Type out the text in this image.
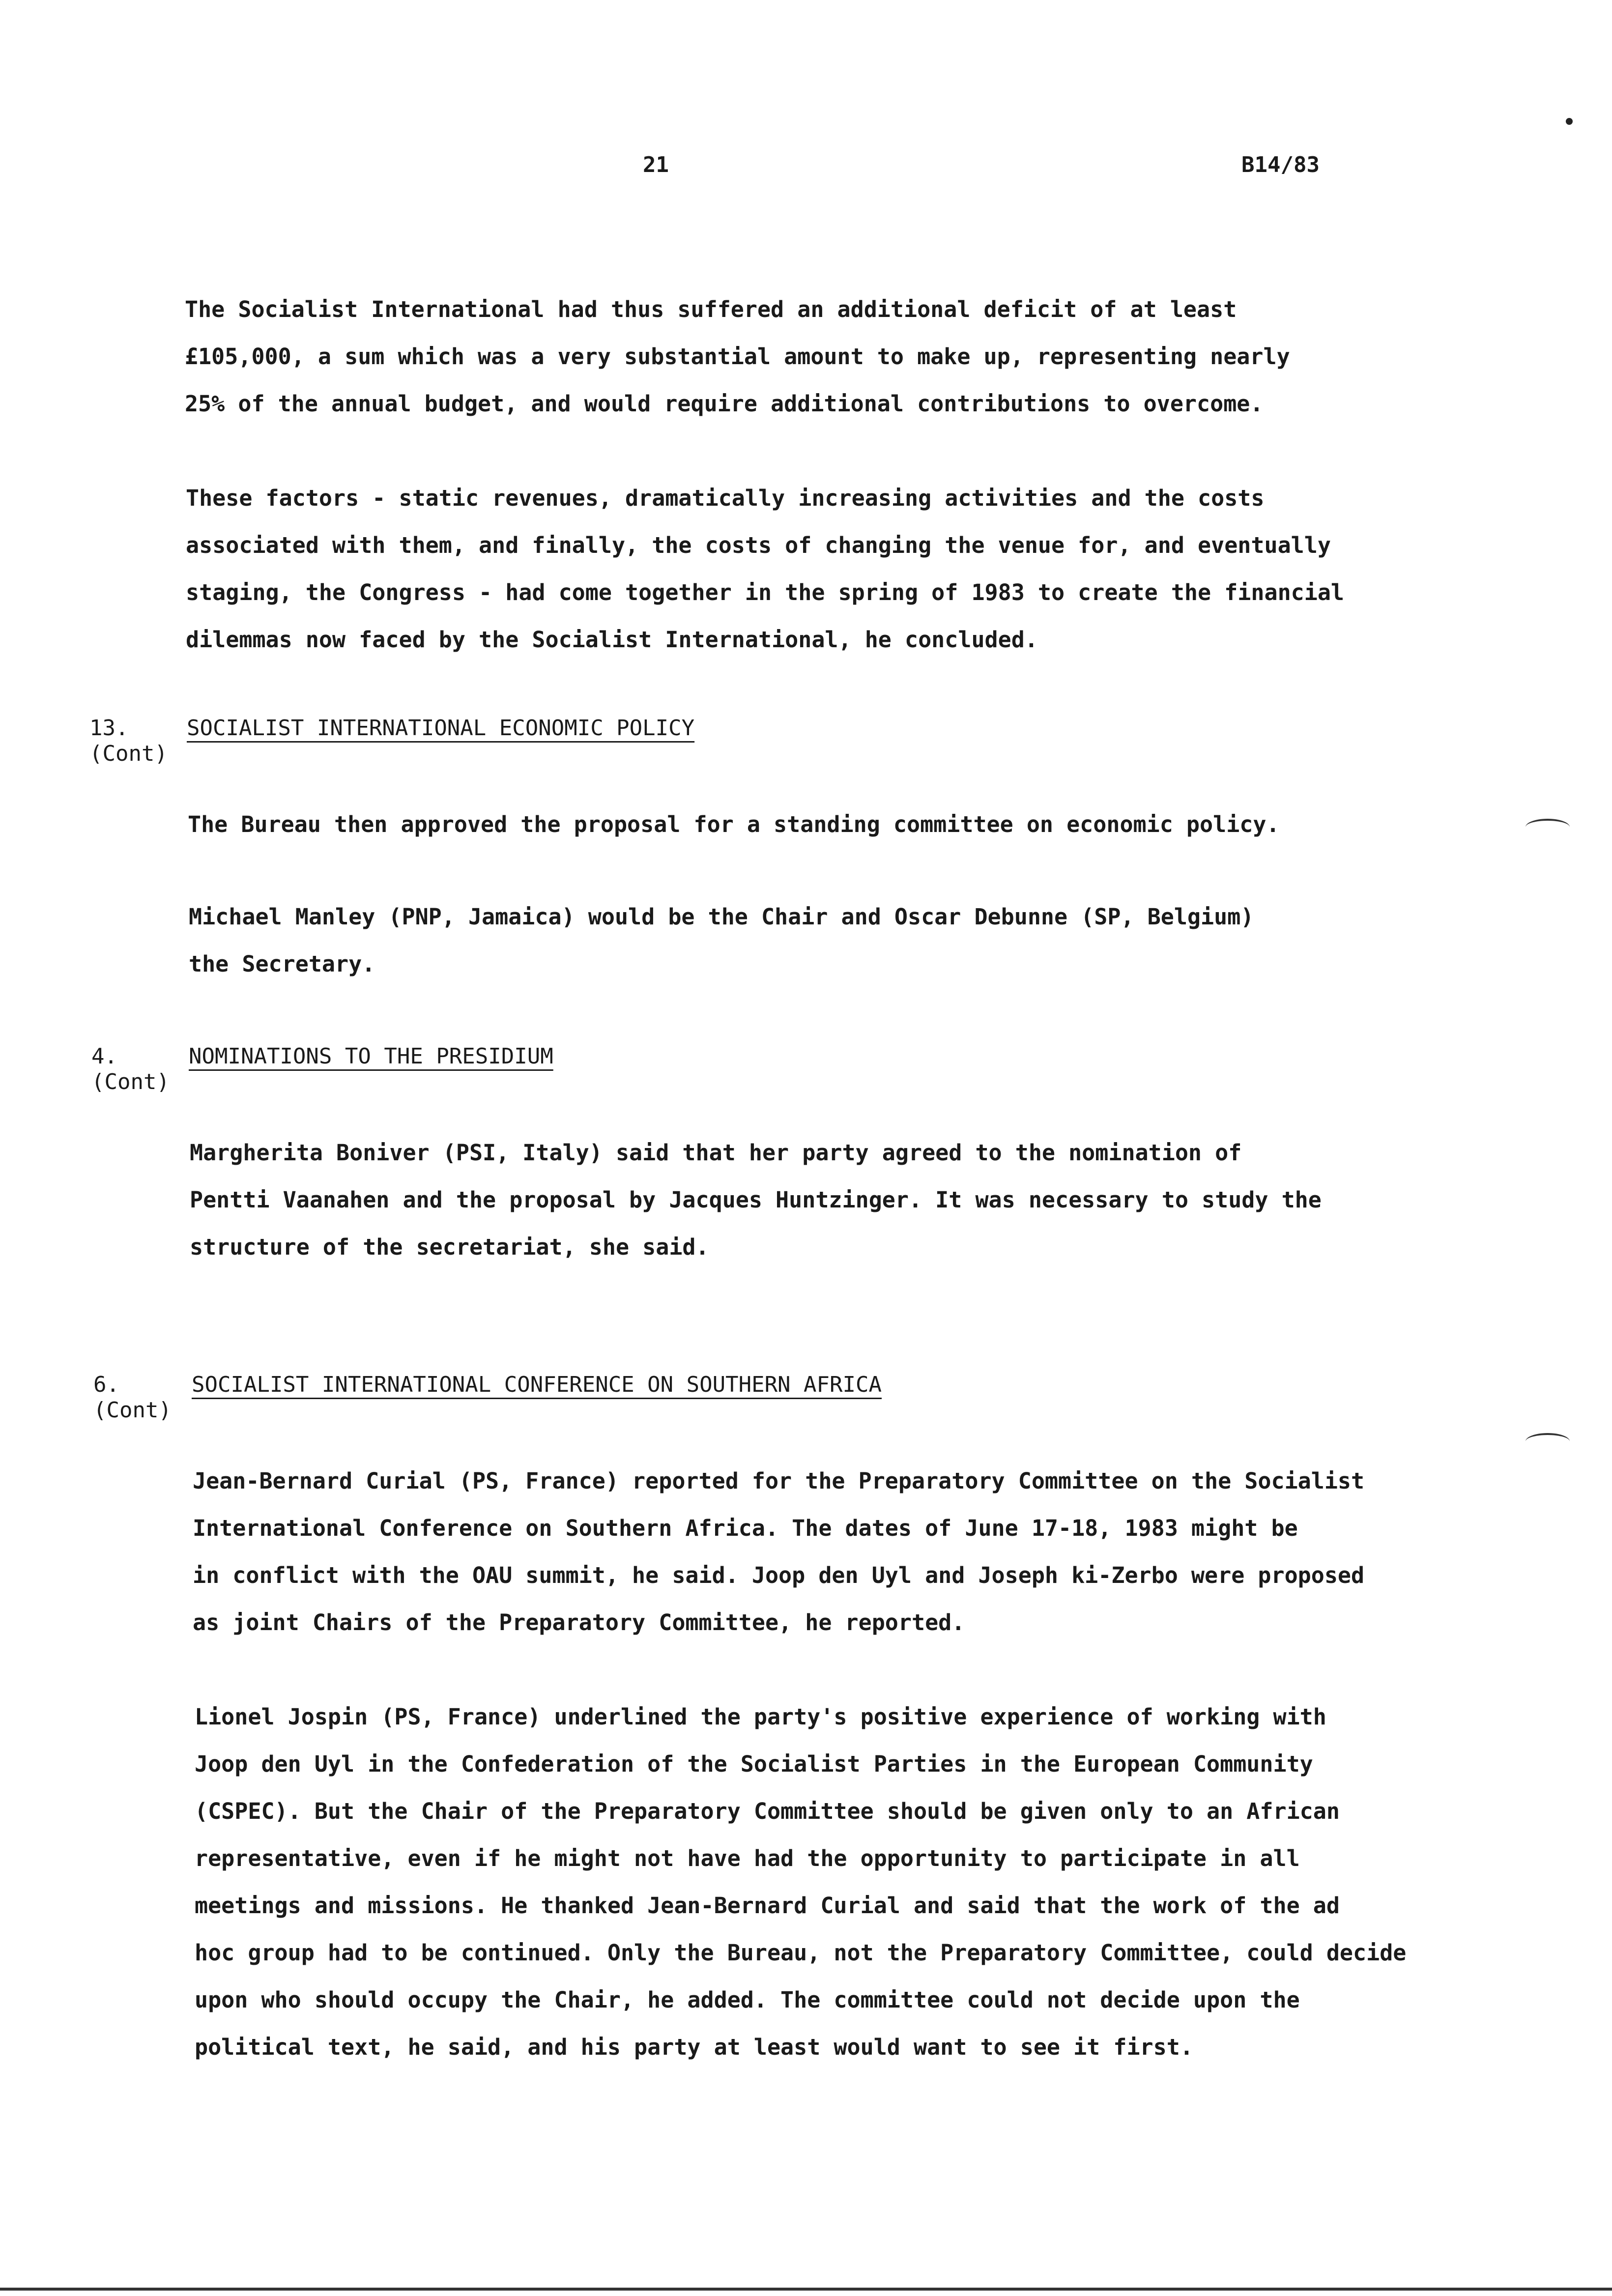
21	B14/83
The Socialist International had thus suffered an additional deficit of at least
£105,000, a sum which was a very substantial amount to make up, representing nearly
25% of the annual budget, and would require additional contributions to overcome.
These factors - static revenues, dramatically increasing activities and the costs
associated with them, and finally, the costs of changing the venue for, and eventually
staging, the Congress - had come together in the spring of 1983 to create the financial
dilemmas now faced by the Socialist International, he concluded.
13.
(Cont)
SOCIALIST INTERNATIONAL ECONOMIC POLICY
The Bureau then approved the proposal for a standing committee on economic policy.
Michael Manley (PNP, Jamaica) would be the Chair and Oscar Debunne (SP, Belgium)
the Secretary.
4.
(Cont)
NOMINATIONS TO THE PRESIDIUM
Margherita Boniver (PSI, Italy) said that her party agreed to the nomination of
Pentti Vaanahen and the proposal by Jacques Huntzinger. It was necessary to study the
structure of the secretariat, she said.
6.
(Cont)
SOCIALIST INTERNATIONAL CONFERENCE ON SOUTHERN AFRICA
Jean-Bernard Curial (PS, France) reported for the Preparatory Committee on the Socialist
International Conference on Southern Africa. The dates of June 17-18, 1983 might be
in conflict with the OAU summit, he said. Joop den Uyl and Joseph ki-Zerbo were proposed
as joint Chairs of the Preparatory Committee, he reported.
Lionel Jospin (PS, France) underlined the party's positive experience of working with
Joop den Uyl in the Confederation of the Socialist Parties in the European Community
(CSPEC). But the Chair of the Preparatory Committee should be given only to an African
representative, even if he might not have had the opportunity to participate in all
meetings and missions. He thanked Jean-Bernard Curial and said that the work of the ad
hoc group had to be continued. Only the Bureau, not the Preparatory Committee, could decide
upon who should occupy the Chair, he added. The committee could not decide upon the
political text, he said, and his party at least would want to see it first.
